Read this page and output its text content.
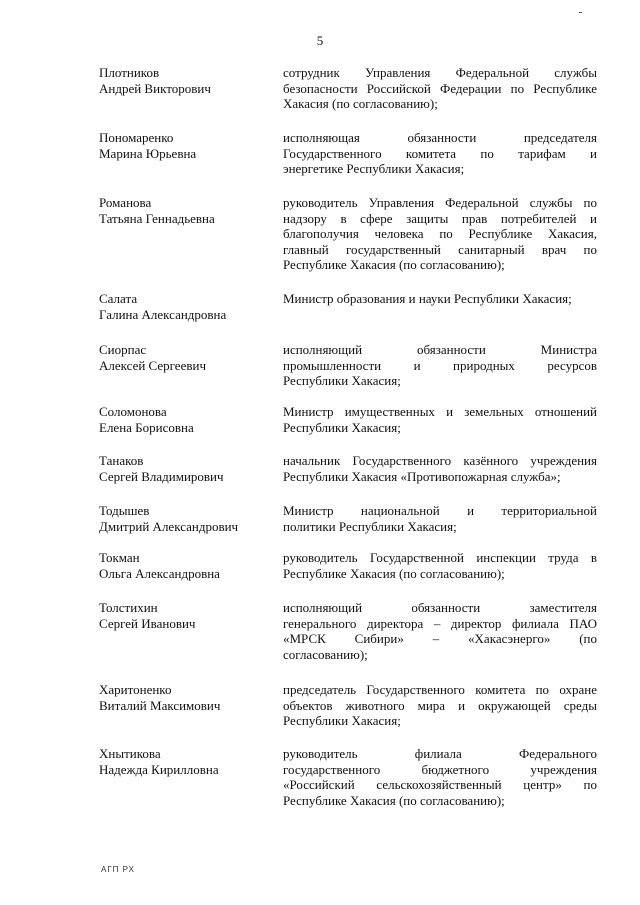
5
Плотников
Андрей Викторович
сотрудник Управления Федеральной службы
безопасности Российской Федерации по Республике
Хакасия (по согласованию);
Пономаренко
Марина Юрьевна
исполняющая обязанности председателя
Государственного комитета по тарифам и
энергетике Республики Хакасия;
Романова
Татьяна Геннадьевна
руководитель Управления Федеральной службы по
надзору в сфере защиты прав потребителей и
благополучия человека по Республике Хакасия,
главный государственный санитарный врач по
Республике Хакасия (по согласованию);
Салата
Галина Александровна
Министр образования и науки Республики Хакасия;
Сиорпас
Алексей Сергеевич
исполняющий обязанности Министра
промышленности и природных ресурсов
Республики Хакасия;
Соломонова
Елена Борисовна
Министр имущественных и земельных отношений
Республики Хакасия;
Танаков
Сергей Владимирович
начальник Государственного казённого учреждения
Республики Хакасия «Противопожарная служба»;
Тодышев
Дмитрий Александрович
Министр национальной и территориальной
политики Республики Хакасия;
Токман
Ольга Александровна
руководитель Государственной инспекции труда в
Республике Хакасия (по согласованию);
Толстихин
Сергей Иванович
исполняющий обязанности заместителя
генерального директора – директор филиала ПАО
«МРСК Сибири» – «Хакасэнерго» (по
согласованию);
Харитоненко
Виталий Максимович
председатель Государственного комитета по охране
объектов животного мира и окружающей среды
Республики Хакасия;
Хнытикова
Надежда Кирилловна
руководитель филиала Федерального
государственного бюджетного учреждения
«Российский сельскохозяйственный центр» по
Республике Хакасия (по согласованию);
АГП РХ
